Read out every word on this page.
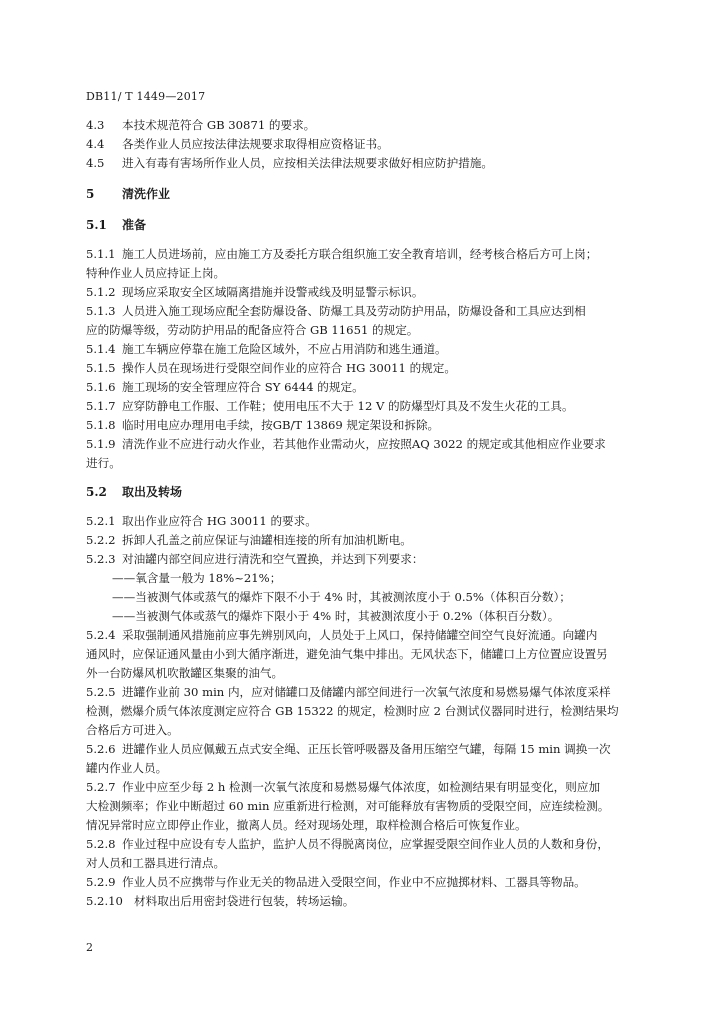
DB11/ T 1449—2017

4.3 本技术规范符合 GB 30871 的要求。

4.4 各类作业人员应按法律法规要求取得相应资格证书。

4.5 进入有毒有害场所作业人员，应按相关法律法规要求做好相应防护措施。

5 清洗作业

5.1 准备

5.1.1 施工人员进场前，应由施工方及委托方联合组织施工安全教育培训，经考核合格后方可上岗；

特种作业人员应持证上岗。

5.1.2 现场应采取安全区域隔离措施并设警戒线及明显警示标识。

5.1.3 人员进入施工现场应配全套防爆设备、防爆工具及劳动防护用品，防爆设备和工具应达到相

应的防爆等级，劳动防护用品的配备应符合 GB 11651 的规定。

5.1.4 施工车辆应停靠在施工危险区域外，不应占用消防和逃生通道。

5.1.5 操作人员在现场进行受限空间作业的应符合 HG 30011 的规定。

5.1.6 施工现场的安全管理应符合 SY 6444 的规定。

5.1.7 应穿防静电工作服、工作鞋；使用电压不大于 12 V 的防爆型灯具及不发生火花的工具。

5.1.8 临时用电应办理用电手续，按GB/T 13869 规定架设和拆除。

5.1.9 清洗作业不应进行动火作业，若其他作业需动火，应按照AQ 3022 的规定或其他相应作业要求

进行。

5.2 取出及转场

5.2.1 取出作业应符合 HG 30011 的要求。

5.2.2 拆卸人孔盖之前应保证与油罐相连接的所有加油机断电。

5.2.3 对油罐内部空间应进行清洗和空气置换，并达到下列要求：

——氧含量一般为 18%~21%；

——当被测气体或蒸气的爆炸下限不小于 4% 时，其被测浓度小于 0.5%（体积百分数）；

——当被测气体或蒸气的爆炸下限小于 4% 时，其被测浓度小于 0.2%（体积百分数）。

5.2.4 采取强制通风措施前应事先辨别风向，人员处于上风口，保持储罐空间空气良好流通。向罐内

通风时，应保证通风量由小到大循序渐进，避免油气集中排出。无风状态下，储罐口上方位置应设置另

外一台防爆风机吹散罐区集聚的油气。

5.2.5 进罐作业前 30 min 内，应对储罐口及储罐内部空间进行一次氧气浓度和易燃易爆气体浓度采样

检测，燃爆介质气体浓度测定应符合 GB 15322 的规定，检测时应 2 台测试仪器同时进行，检测结果均

合格后方可进入。

5.2.6 进罐作业人员应佩戴五点式安全绳、正压长管呼吸器及备用压缩空气罐，每隔 15 min 调换一次

罐内作业人员。

5.2.7 作业中应至少每 2 h 检测一次氧气浓度和易燃易爆气体浓度，如检测结果有明显变化，则应加

大检测频率；作业中断超过 60 min 应重新进行检测，对可能释放有害物质的受限空间，应连续检测。

情况异常时应立即停止作业，撤离人员。经对现场处理，取样检测合格后可恢复作业。

5.2.8 作业过程中应设有专人监护，监护人员不得脱离岗位，应掌握受限空间作业人员的人数和身份，

对人员和工器具进行清点。

5.2.9 作业人员不应携带与作业无关的物品进入受限空间，作业中不应抛掷材料、工器具等物品。

5.2.10 材料取出后用密封袋进行包装，转场运输。

2
